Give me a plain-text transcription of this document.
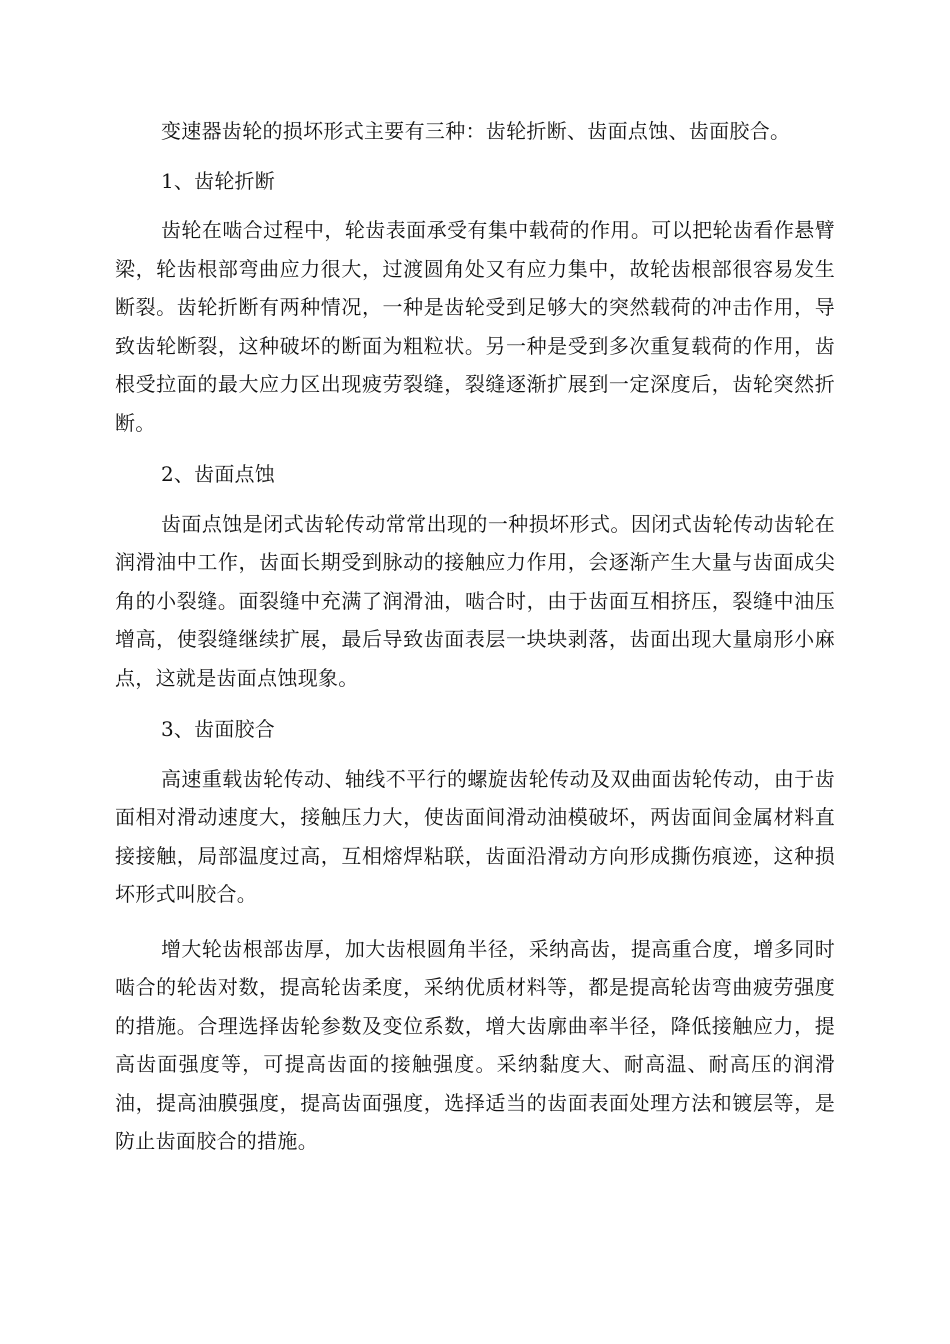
变速器齿轮的损坏形式主要有三种：齿轮折断、齿面点蚀、齿面胶合。

1、齿轮折断

齿轮在啮合过程中，轮齿表面承受有集中载荷的作用。可以把轮齿看作悬臂梁，轮齿根部弯曲应力很大，过渡圆角处又有应力集中，故轮齿根部很容易发生断裂。齿轮折断有两种情况，一种是齿轮受到足够大的突然载荷的冲击作用，导致齿轮断裂，这种破坏的断面为粗粒状。另一种是受到多次重复载荷的作用，齿根受拉面的最大应力区出现疲劳裂缝，裂缝逐渐扩展到一定深度后，齿轮突然折断。

2、齿面点蚀

齿面点蚀是闭式齿轮传动常常出现的一种损坏形式。因闭式齿轮传动齿轮在润滑油中工作，齿面长期受到脉动的接触应力作用，会逐渐产生大量与齿面成尖角的小裂缝。面裂缝中充满了润滑油，啮合时，由于齿面互相挤压，裂缝中油压增高，使裂缝继续扩展，最后导致齿面表层一块块剥落，齿面出现大量扇形小麻点，这就是齿面点蚀现象。

3、齿面胶合

高速重载齿轮传动、轴线不平行的螺旋齿轮传动及双曲面齿轮传动，由于齿面相对滑动速度大，接触压力大，使齿面间滑动油模破坏，两齿面间金属材料直接接触，局部温度过高，互相熔焊粘联，齿面沿滑动方向形成撕伤痕迹，这种损坏形式叫胶合。

增大轮齿根部齿厚，加大齿根圆角半径，采纳高齿，提高重合度，增多同时啮合的轮齿对数，提高轮齿柔度，采纳优质材料等，都是提高轮齿弯曲疲劳强度的措施。合理选择齿轮参数及变位系数，增大齿廓曲率半径，降低接触应力，提高齿面强度等，可提高齿面的接触强度。采纳黏度大、耐高温、耐高压的润滑油，提高油膜强度，提高齿面强度，选择适当的齿面表面处理方法和镀层等，是防止齿面胶合的措施。
